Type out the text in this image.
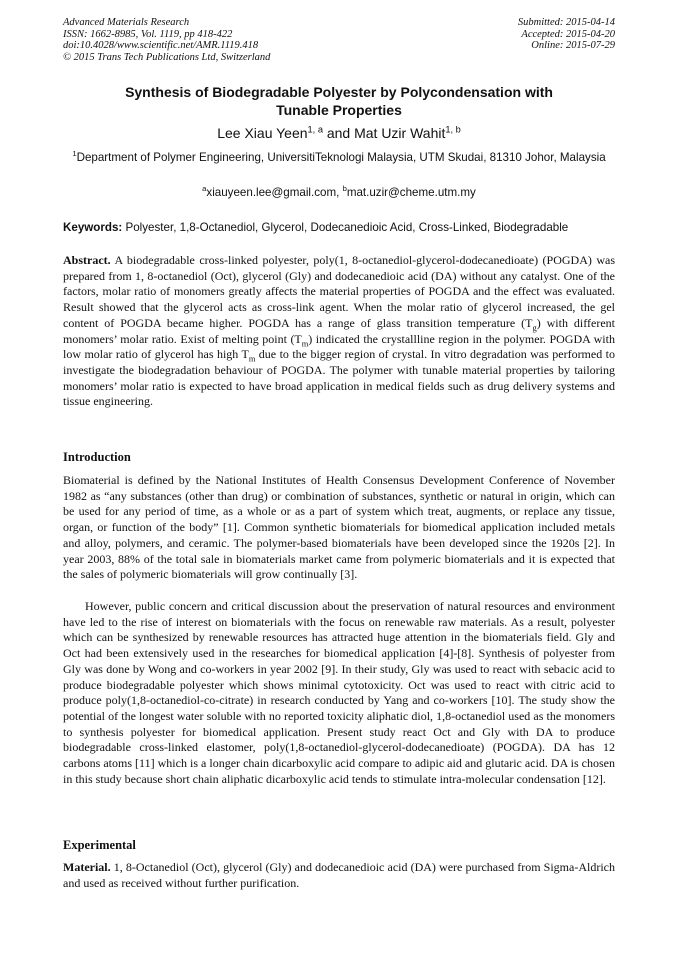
Advanced Materials Research
ISSN: 1662-8985, Vol. 1119, pp 418-422
doi:10.4028/www.scientific.net/AMR.1119.418
© 2015 Trans Tech Publications Ltd, Switzerland
Submitted: 2015-04-14
Accepted: 2015-04-20
Online: 2015-07-29
Synthesis of Biodegradable Polyester by Polycondensation with
Tunable Properties
Lee Xiau Yeen$^{1, a}$ and Mat Uzir Wahit$^{1, b}$
$^1$Department of Polymer Engineering, UniversitiTeknologi Malaysia, UTM Skudai, 81310 Johor, Malaysia
$^a$xiauyeen.lee@gmail.com, $^b$mat.uzir@cheme.utm.my
Keywords: Polyester, 1,8-Octanediol, Glycerol, Dodecanedioic Acid, Cross-Linked, Biodegradable

Abstract. A biodegradable cross-linked polyester, poly(1, 8-octanediol-glycerol-dodecanedioate) (POGDA) was prepared from 1, 8-octanediol (Oct), glycerol (Gly) and dodecanedioic acid (DA) without any catalyst. One of the factors, molar ratio of monomers greatly affects the material properties of POGDA and the effect was evaluated. Result showed that the glycerol acts as cross-link agent. When the molar ratio of glycerol increased, the gel content of POGDA became higher. POGDA has a range of glass transition temperature $(T_g)$ with different monomers’ molar ratio. Exist of melting point $(T_m)$ indicated the crystallline region in the polymer. POGDA with low molar ratio of glycerol has high $T_m$ due to the bigger region of crystal. In vitro degradation was performed to investigate the biodegradation behaviour of POGDA. The polymer with tunable material properties by tailoring monomers’ molar ratio is expected to have broad application in medical fields such as drug delivery systems and tissue engineering.

Introduction

Biomaterial is defined by the National Institutes of Health Consensus Development Conference of November 1982 as “any substances (other than drug) or combination of substances, synthetic or natural in origin, which can be used for any period of time, as a whole or as a part of system which treat, augments, or replace any tissue, organ, or function of the body” [1]. Common synthetic biomaterials for biomedical application included metals and alloy, polymers, and ceramic. The polymer-based biomaterials have been developed since the 1920s [2]. In year 2003, 88% of the total sale in biomaterials market came from polymeric biomaterials and it is expected that the sales of polymeric biomaterials will grow continually [3].

However, public concern and critical discussion about the preservation of natural resources and environment have led to the rise of interest on biomaterials with the focus on renewable raw materials. As a result, polyester which can be synthesized by renewable resources has attracted huge attention in the biomaterials field. Gly and Oct had been extensively used in the researches for biomedical application [4]-[8]. Synthesis of polyester from Gly was done by Wong and co-workers in year 2002 [9]. In their study, Gly was used to react with sebacic acid to produce biodegradable polyester which shows minimal cytotoxicity. Oct was used to react with citric acid to produce poly(1,8-octanediol-co-citrate) in research conducted by Yang and co-workers [10]. The study show the potential of the longest water soluble with no reported toxicity aliphatic diol, 1,8-octanediol used as the monomers to synthesis polyester for biomedical application. Present study react Oct and Gly with DA to produce biodegradable cross-linked elastomer, poly(1,8-octanediol-glycerol-dodecanedioate) (POGDA). DA has 12 carbons atoms [11] which is a longer chain dicarboxylic acid compare to adipic aid and glutaric acid. DA is chosen in this study because short chain aliphatic dicarboxylic acid tends to stimulate intra-molecular condensation [12].

Experimental

Material. 1, 8-Octanediol (Oct), glycerol (Gly) and dodecanedioic acid (DA) were purchased from Sigma-Aldrich and used as received without further purification.
